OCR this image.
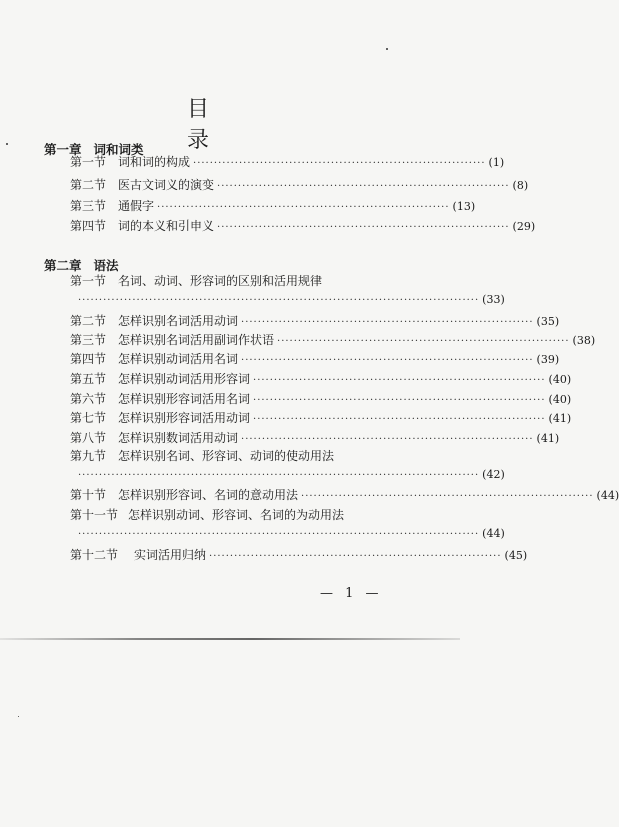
目 录
第一章 词和词类
第一节 词和词的构成 ······································································ (1)
第二节 医古文词义的演变 ······································································ (8)
第三节 通假字 ······································································ (13)
第四节 词的本义和引申义 ······································································ (29)
第二章 语法
第一节 名词、动词、形容词的区别和活用规律
································································································ (33)
第二节 怎样识别名词活用动词 ······································································ (35)
第三节 怎样识别名词活用副词作状语 ······································································ (38)
第四节 怎样识别动词活用名词 ······································································ (39)
第五节 怎样识别动词活用形容词 ······································································ (40)
第六节 怎样识别形容词活用名词 ······································································ (40)
第七节 怎样识别形容词活用动词 ······································································ (41)
第八节 怎样识别数词活用动词 ······································································ (41)
第九节 怎样识别名词、形容词、动词的使动用法
································································································ (42)
第十节 怎样识别形容词、名词的意动用法 ······································································ (44)
第十一节 怎样识别动词、形容词、名词的为动用法
································································································ (44)
第十二节	实词活用归纳 ······································································ (45)
— 1 —
